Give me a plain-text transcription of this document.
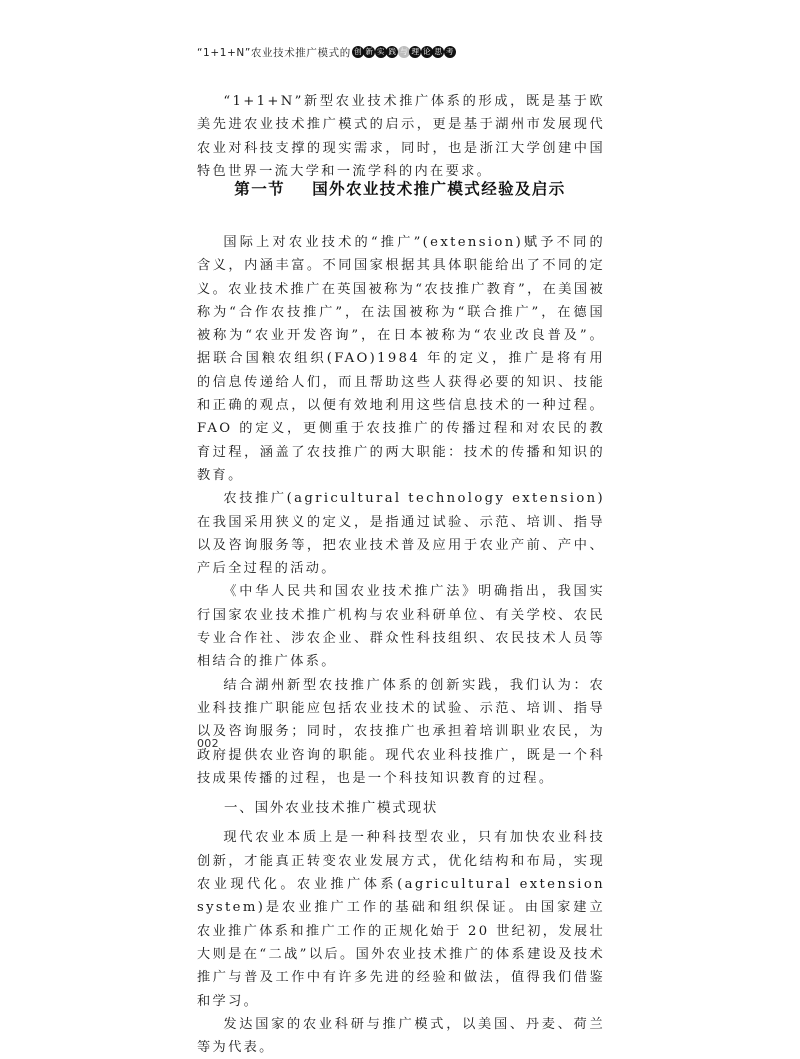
“1+1+N”农业技术推广模式的 创 新 实 践 与 理 论 思 考

“1+1+N”新型农业技术推广体系的形成，既是基于欧美先进农业技术推广模式的启示，更是基于湖州市发展现代农业对科技支撑的现实需求，同时，也是浙江大学创建中国特色世界一流大学和一流学科的内在要求。

第一节 国外农业技术推广模式经验及启示

国际上对农业技术的“推广”(extension)赋予不同的含义，内涵丰富。不同国家根据其具体职能给出了不同的定义。农业技术推广在英国被称为“农技推广教育”，在美国被称为“合作农技推广”，在法国被称为“联合推广”，在德国被称为“农业开发咨询”，在日本被称为“农业改良普及”。据联合国粮农组织(FAO)1984 年的定义，推广是将有用的信息传递给人们，而且帮助这些人获得必要的知识、技能和正确的观点，以便有效地利用这些信息技术的一种过程。FAO 的定义，更侧重于农技推广的传播过程和对农民的教育过程，涵盖了农技推广的两大职能：技术的传播和知识的教育。

农技推广(agricultural technology extension)在我国采用狭义的定义，是指通过试验、示范、培训、指导以及咨询服务等，把农业技术普及应用于农业产前、产中、产后全过程的活动。

《中华人民共和国农业技术推广法》明确指出，我国实行国家农业技术推广机构与农业科研单位、有关学校、农民专业合作社、涉农企业、群众性科技组织、农民技术人员等相结合的推广体系。

结合湖州新型农技推广体系的创新实践，我们认为：农业科技推广职能应包括农业技术的试验、示范、培训、指导以及咨询服务；同时，农技推广也承担着培训职业农民，为政府提供农业咨询的职能。现代农业科技推广，既是一个科技成果传播的过程，也是一个科技知识教育的过程。

一、国外农业技术推广模式现状

现代农业本质上是一种科技型农业，只有加快农业科技创新，才能真正转变农业发展方式，优化结构和布局，实现农业现代化。农业推广体系(agricultural extension system)是农业推广工作的基础和组织保证。由国家建立农业推广体系和推广工作的正规化始于 20 世纪初，发展壮大则是在“二战”以后。国外农业技术推广的体系建设及技术推广与普及工作中有许多先进的经验和做法，值得我们借鉴和学习。

发达国家的农业科研与推广模式，以美国、丹麦、荷兰等为代表。

002
